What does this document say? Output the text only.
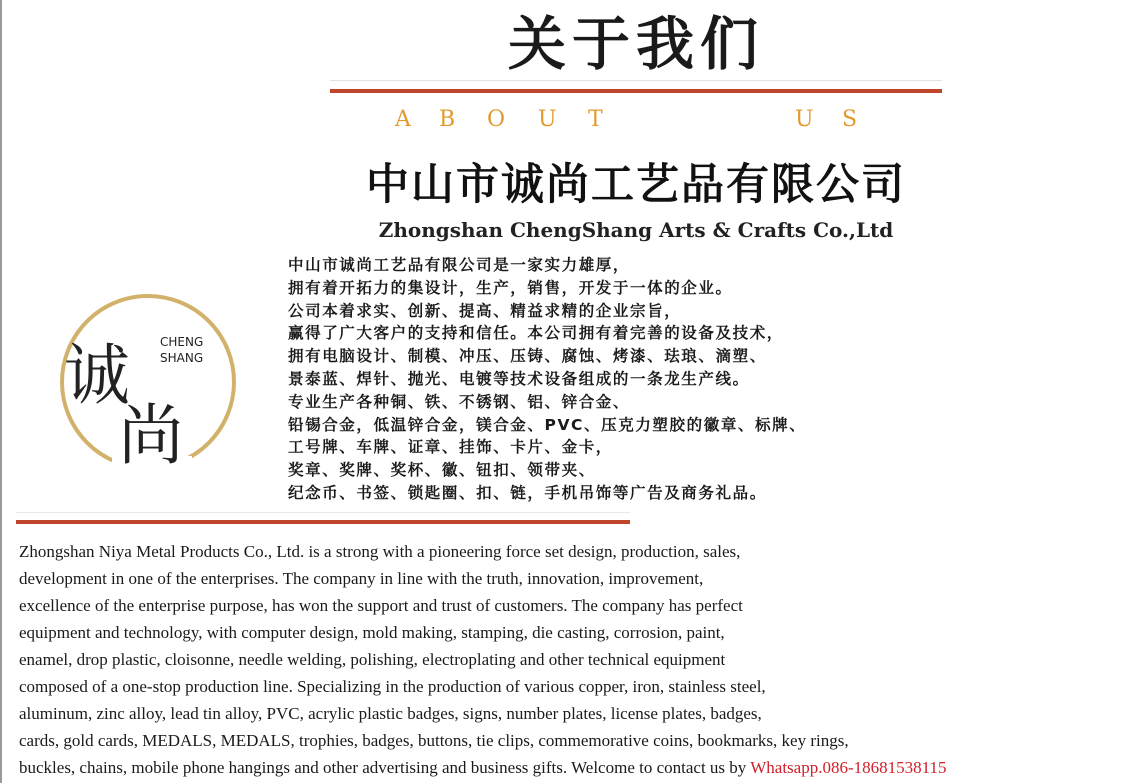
关于我们
A B O U T	U S
中山市诚尚工艺品有限公司
Zhongshan ChengShang Arts & Crafts Co.,Ltd
诚
尚
CHENG
SHANG
中山市诚尚工艺品有限公司是一家实力雄厚，
拥有着开拓力的集设计，生产，销售，开发于一体的企业。
公司本着求实、创新、提高、精益求精的企业宗旨，
赢得了广大客户的支持和信任。本公司拥有着完善的设备及技术，
拥有电脑设计、制模、冲压、压铸、腐蚀、烤漆、珐琅、滴塑、
景泰蓝、焊针、抛光、电镀等技术设备组成的一条龙生产线。
专业生产各种铜、铁、不锈钢、铝、锌合金、
铅锡合金，低温锌合金，镁合金、PVC、压克力塑胶的徽章、标牌、
工号牌、车牌、证章、挂饰、卡片、金卡，
奖章、奖牌、奖杯、徽、钮扣、领带夹、
纪念币、书签、锁匙圈、扣、链，手机吊饰等广告及商务礼品。
Zhongshan Niya Metal Products Co., Ltd. is a strong with a pioneering force set design, production, sales,
development in one of the enterprises. The company in line with the truth, innovation, improvement,
excellence of the enterprise purpose, has won the support and trust of customers. The company has perfect
equipment and technology, with computer design, mold making, stamping, die casting, corrosion, paint,
enamel, drop plastic, cloisonne, needle welding, polishing, electroplating and other technical equipment
composed of a one-stop production line. Specializing in the production of various copper, iron, stainless steel,
aluminum, zinc alloy, lead tin alloy, PVC, acrylic plastic badges, signs, number plates, license plates, badges,
cards, gold cards, MEDALS, MEDALS, trophies, badges, buttons, tie clips, commemorative coins, bookmarks, key rings,
buckles, chains, mobile phone hangings and other advertising and business gifts. Welcome to contact us by Whatsapp.086-18681538115
